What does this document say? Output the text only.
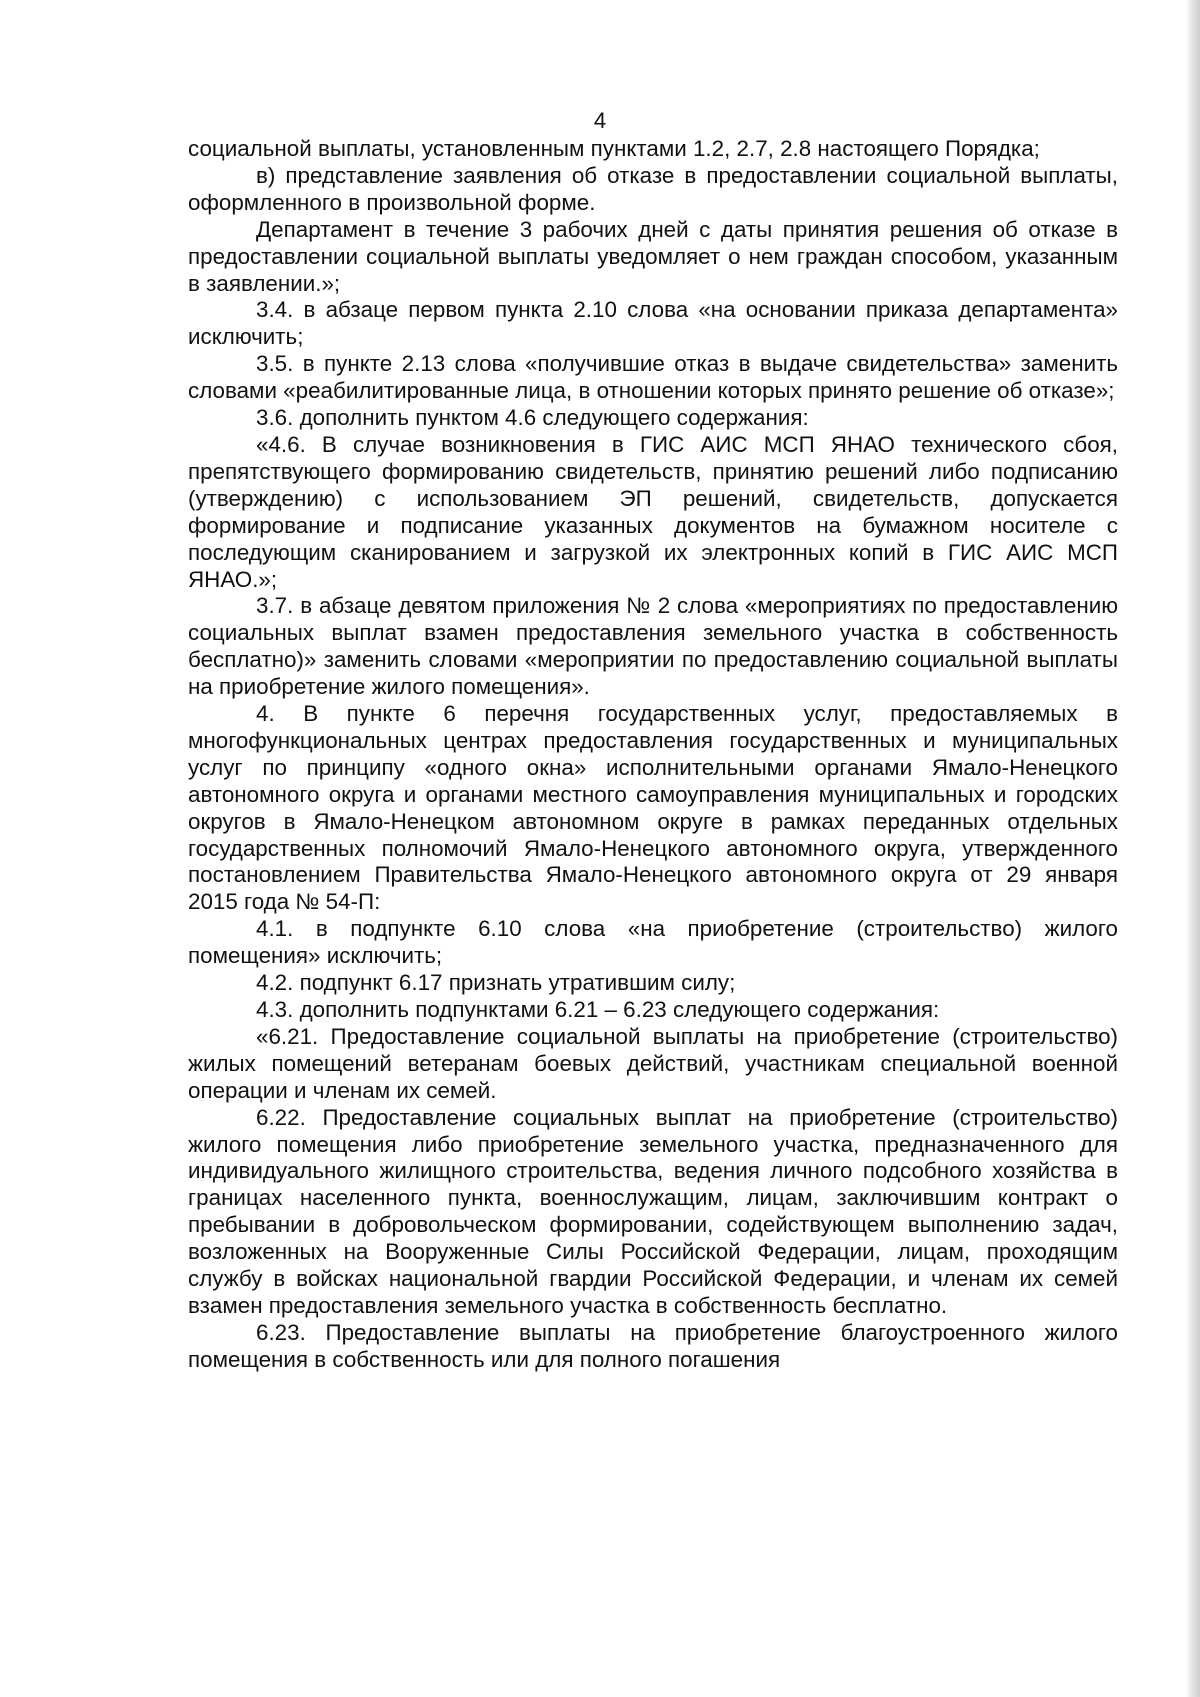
4

социальной выплаты, установленным пунктами 1.2, 2.7, 2.8 настоящего Порядка;

в) представление заявления об отказе в предоставлении социальной выплаты, оформленного в произвольной форме.

Департамент в течение 3 рабочих дней с даты принятия решения об отказе в предоставлении социальной выплаты уведомляет о нем граждан способом, указанным в заявлении.»;

3.4. в абзаце первом пункта 2.10 слова «на основании приказа департамента» исключить;

3.5. в пункте 2.13 слова «получившие отказ в выдаче свидетельства» заменить словами «реабилитированные лица, в отношении которых принято решение об отказе»;

3.6. дополнить пунктом 4.6 следующего содержания:

«4.6. В случае возникновения в ГИС АИС МСП ЯНАО технического сбоя, препятствующего формированию свидетельств, принятию решений либо подписанию (утверждению) с использованием ЭП решений, свидетельств, допускается формирование и подписание указанных документов на бумажном носителе с последующим сканированием и загрузкой их электронных копий в ГИС АИС МСП ЯНАО.»;

3.7. в абзаце девятом приложения № 2 слова «мероприятиях по предоставлению социальных выплат взамен предоставления земельного участка в собственность бесплатно)» заменить словами «мероприятии по предоставлению социальной выплаты на приобретение жилого помещения».

4. В пункте 6 перечня государственных услуг, предоставляемых в многофункциональных центрах предоставления государственных и муниципальных услуг по принципу «одного окна» исполнительными органами Ямало-Ненецкого автономного округа и органами местного самоуправления муниципальных и городских округов в Ямало-Ненецком автономном округе в рамках переданных отдельных государственных полномочий Ямало-Ненецкого автономного округа, утвержденного постановлением Правительства Ямало-Ненецкого автономного округа от 29 января 2015 года № 54-П:

4.1. в подпункте 6.10 слова «на приобретение (строительство) жилого помещения» исключить;

4.2. подпункт 6.17 признать утратившим силу;

4.3. дополнить подпунктами 6.21 – 6.23 следующего содержания:

«6.21. Предоставление социальной выплаты на приобретение (строительство) жилых помещений ветеранам боевых действий, участникам специальной военной операции и членам их семей.

6.22. Предоставление социальных выплат на приобретение (строительство) жилого помещения либо приобретение земельного участка, предназначенного для индивидуального жилищного строительства, ведения личного подсобного хозяйства в границах населенного пункта, военнослужащим, лицам, заключившим контракт о пребывании в добровольческом формировании, содействующем выполнению задач, возложенных на Вооруженные Силы Российской Федерации, лицам, проходящим службу в войсках национальной гвардии Российской Федерации, и членам их семей взамен предоставления земельного участка в собственность бесплатно.

6.23. Предоставление выплаты на приобретение благоустроенного жилого помещения в собственность или для полного погашения
